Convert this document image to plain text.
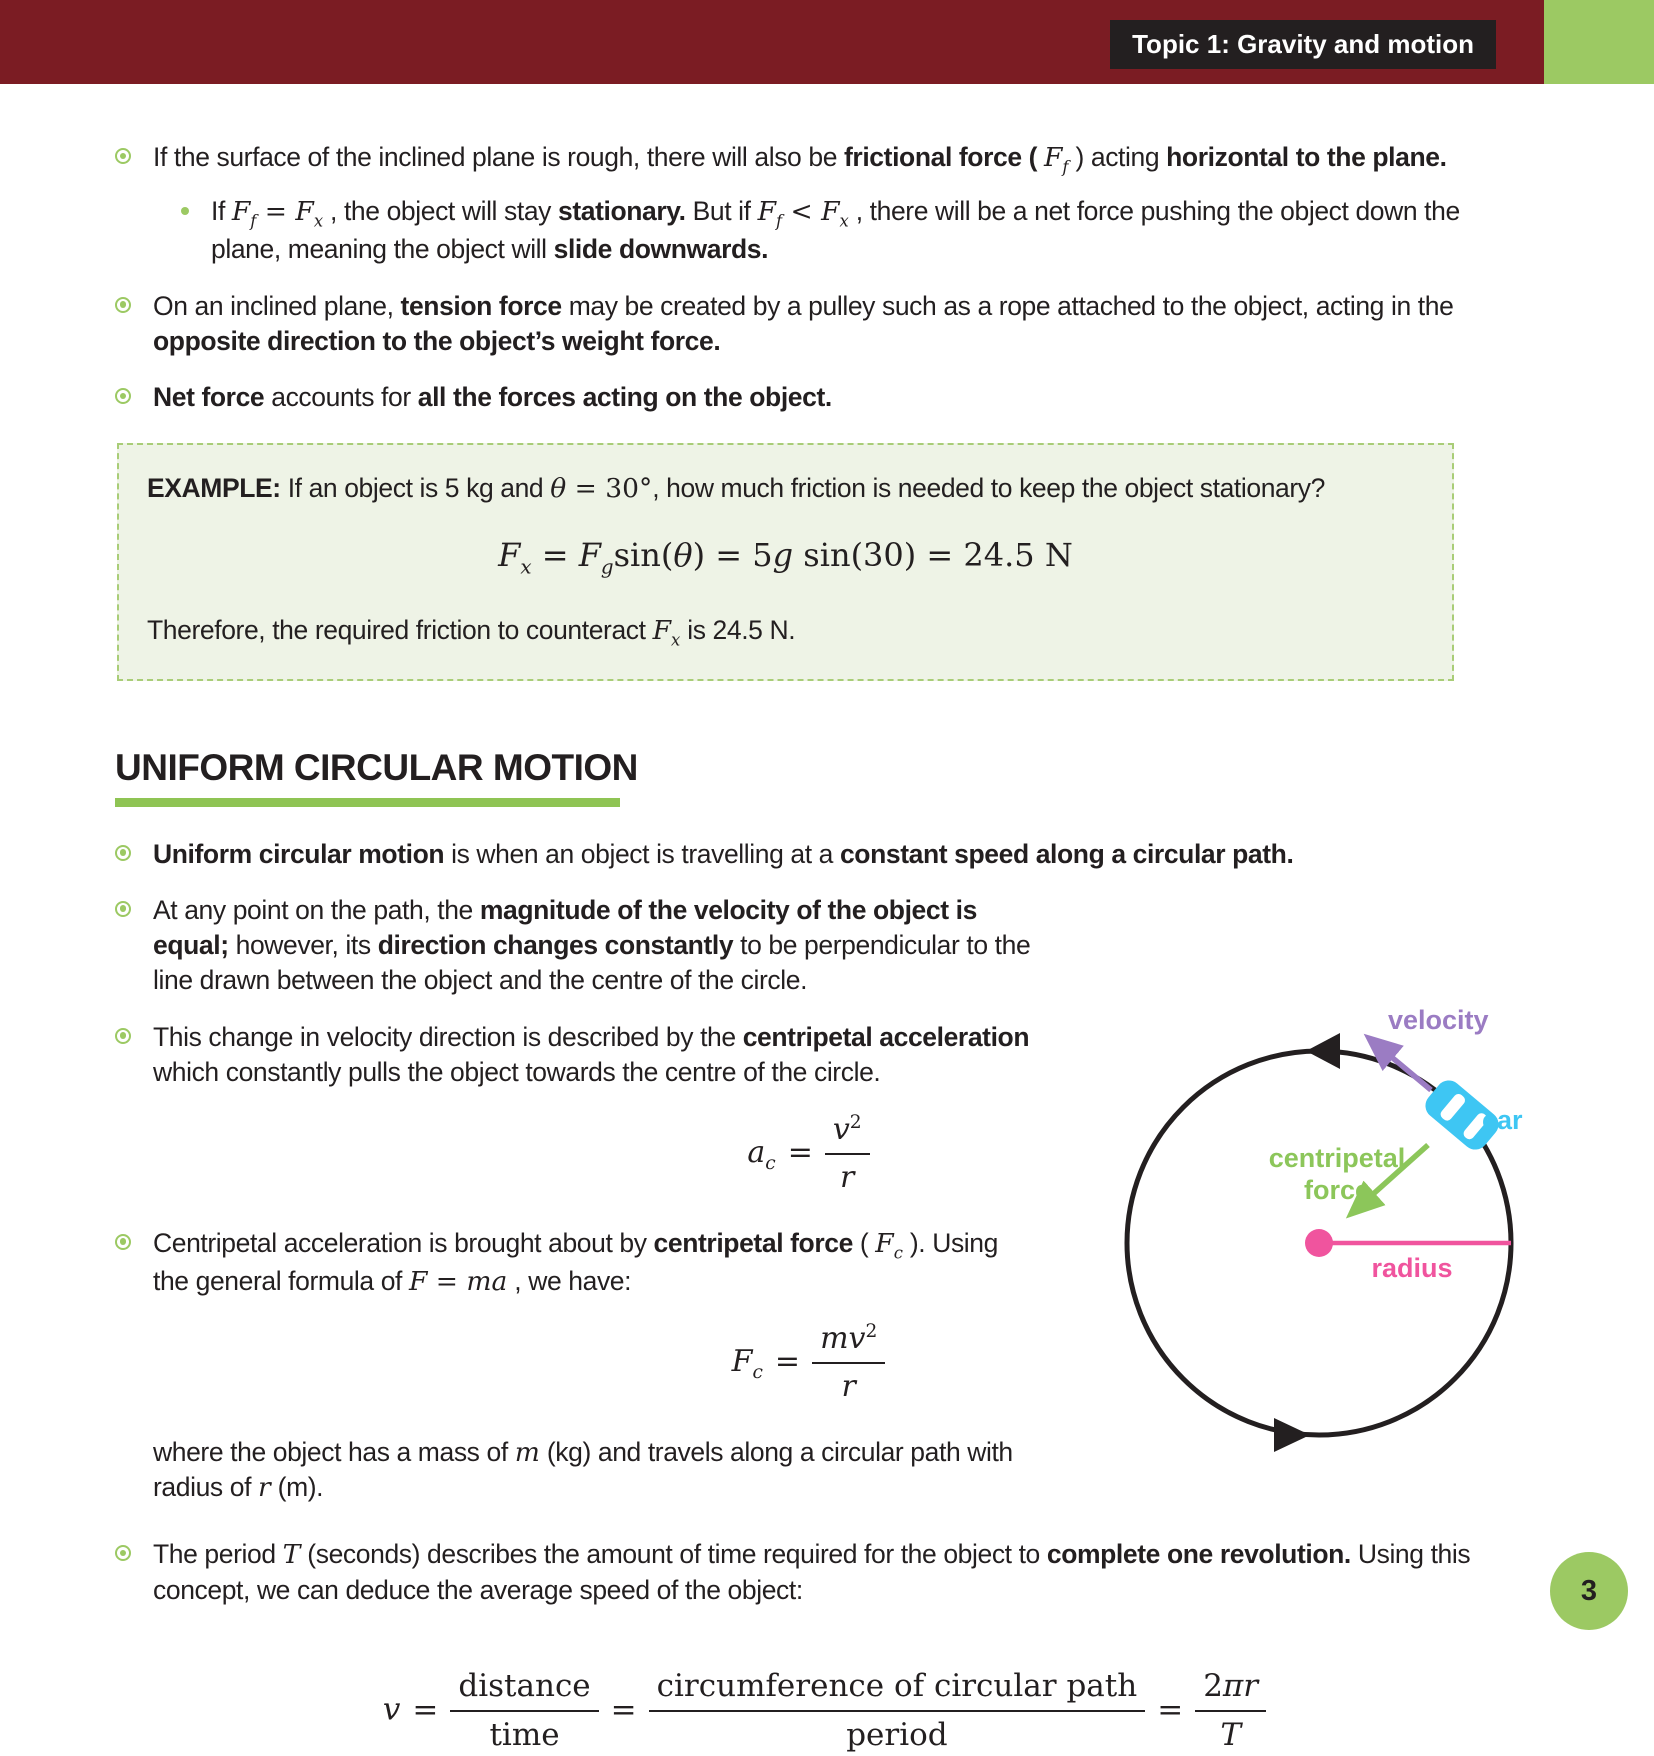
Topic 1: Gravity and motion
If the surface of the inclined plane is rough, there will also be frictional force ( $F_f$ ) acting horizontal to the plane.
If $F_f = F_x$ , the object will stay stationary. But if $F_f < F_x$ , there will be a net force pushing the object down the plane, meaning the object will slide downwards.
On an inclined plane, tension force may be created by a pulley such as a rope attached to the object, acting in the opposite direction to the object’s weight force.
Net force accounts for all the forces acting on the object.
EXAMPLE: If an object is 5 kg and θ = 30°, how much friction is needed to keep the object stationary?
$F_x = F_g\sin(\theta) = 5g$ sin(30) = 24.5 N
Therefore, the required friction to counteract $F_x$ is 24.5 N.
UNIFORM CIRCULAR MOTION
Uniform circular motion is when an object is travelling at a constant speed along a circular path.
radius
centripetal
force
velocity
car
At any point on the path, the magnitude of the velocity of the object is equal; however, its direction changes constantly to be perpendicular to the line drawn between the object and the centre of the circle.
This change in velocity direction is described by the centripetal acceleration which constantly pulls the object towards the centre of the circle.
$a_c = \frac{v^2}{r}$
Centripetal acceleration is brought about by centripetal force ( $F_c$ ). Using the general formula of F = ma , we have:
$F_c = \frac{mv^2}{r}$
where the object has a mass of m (kg) and travels along a circular path with radius of r (m).
The period T (seconds) describes the amount of time required for the object to complete one revolution. Using this concept, we can deduce the average speed of the object:
$v = \frac{\text{distance}}{\text{time}} = \frac{\text{circumference of circular path}}{\text{period}} = \frac{2\pi r}{T}$
3
